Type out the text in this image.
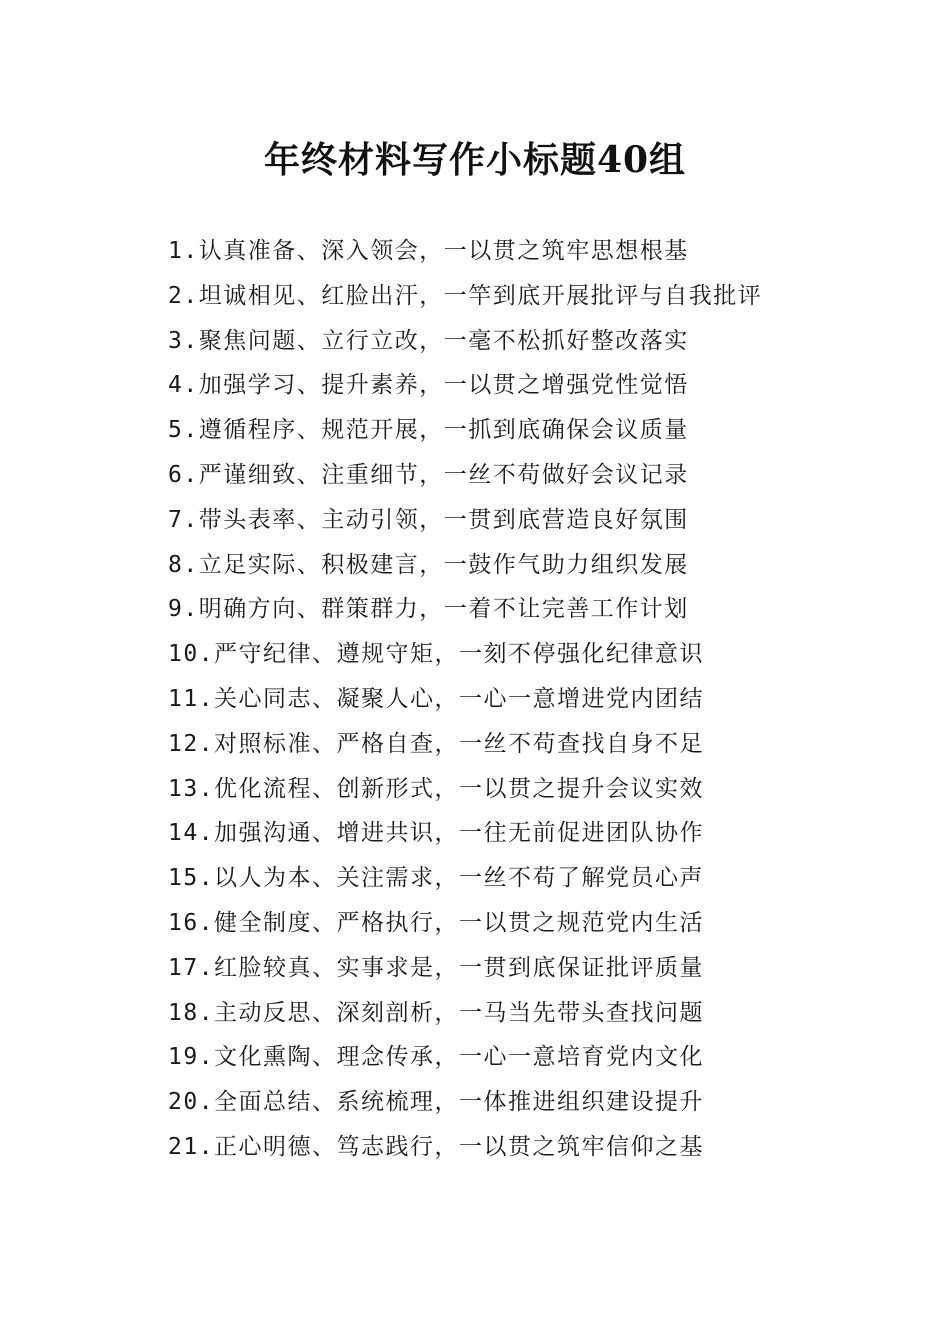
年终材料写作小标题40组
1.认真准备、深入领会，一以贯之筑牢思想根基
2.坦诚相见、红脸出汗，一竿到底开展批评与自我批评
3.聚焦问题、立行立改，一毫不松抓好整改落实
4.加强学习、提升素养，一以贯之增强党性觉悟
5.遵循程序、规范开展，一抓到底确保会议质量
6.严谨细致、注重细节，一丝不苟做好会议记录
7.带头表率、主动引领，一贯到底营造良好氛围
8.立足实际、积极建言，一鼓作气助力组织发展
9.明确方向、群策群力，一着不让完善工作计划
10.严守纪律、遵规守矩，一刻不停强化纪律意识
11.关心同志、凝聚人心，一心一意增进党内团结
12.对照标准、严格自查，一丝不苟查找自身不足
13.优化流程、创新形式，一以贯之提升会议实效
14.加强沟通、增进共识，一往无前促进团队协作
15.以人为本、关注需求，一丝不苟了解党员心声
16.健全制度、严格执行，一以贯之规范党内生活
17.红脸较真、实事求是，一贯到底保证批评质量
18.主动反思、深刻剖析，一马当先带头查找问题
19.文化熏陶、理念传承，一心一意培育党内文化
20.全面总结、系统梳理，一体推进组织建设提升
21.正心明德、笃志践行，一以贯之筑牢信仰之基
